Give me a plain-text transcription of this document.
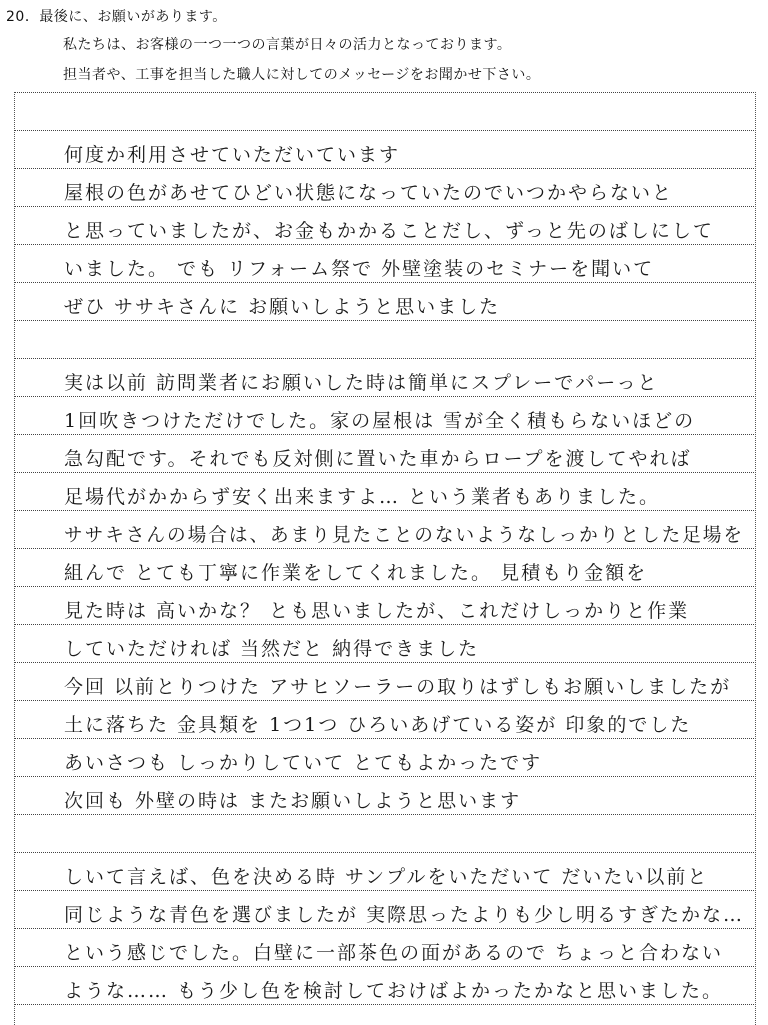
20．最後に、お願いがあります。
私たちは、お客様の一つ一つの言葉が日々の活力となっております。
担当者や、工事を担当した職人に対してのメッセージをお聞かせ下さい。
何度か利用させていただいています
屋根の色があせてひどい状態になっていたのでいつかやらないと
と思っていましたが、お金もかかることだし、ずっと先のばしにして
いました。 でも リフォーム祭で 外壁塗装のセミナーを聞いて
ぜひ ササキさんに お願いしようと思いました
実は以前 訪問業者にお願いした時は簡単にスプレーでパーっと
1回吹きつけただけでした。家の屋根は 雪が全く積もらないほどの
急勾配です。それでも反対側に置いた車からロープを渡してやれば
足場代がかからず安く出来ますよ… という業者もありました。
ササキさんの場合は、あまり見たことのないようなしっかりとした足場を
組んで とても丁寧に作業をしてくれました。 見積もり金額を
見た時は 高いかな？ とも思いましたが、これだけしっかりと作業
していただければ 当然だと 納得できました
今回 以前とりつけた アサヒソーラーの取りはずしもお願いしましたが
土に落ちた 金具類を 1つ1つ ひろいあげている姿が 印象的でした
あいさつも しっかりしていて とてもよかったです
次回も 外壁の時は またお願いしようと思います
しいて言えば、色を決める時 サンプルをいただいて だいたい以前と
同じような青色を選びましたが 実際思ったよりも少し明るすぎたかな…
という感じでした。白壁に一部茶色の面があるので ちょっと合わない
ような…… もう少し色を検討しておけばよかったかなと思いました。
